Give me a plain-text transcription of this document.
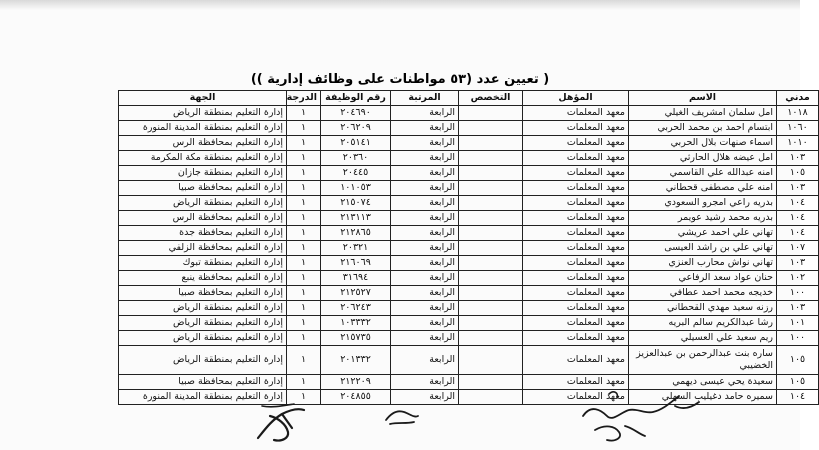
( تعيين عدد (٥٣ مواطنات على وظائف إدارية ))
مدني	الاسم	المؤهل	التخصص	المرتبة	رقم الوظيفة	الدرجة	الجهة
١٠١٨	امل سلمان امشريف الغيلي	معهد المعلمات		الرابعة	٢٠٤٦٩٠	١	إدارة التعليم بمنطقة الرياض
١٠٦٠	ابتسام احمد بن محمد الحربي	معهد المعلمات		الرابعة	٢٠٦٢٠٩	١	إدارة التعليم بمنطقة المدينة المنورة
١٠١٠	اسماء صنهات بلال الحربي	معهد المعلمات		الرابعة	٢٠٥١٤١	١	إدارة التعليم بمحافظة الرس
١٠٣	امل عيضه هلال الحارثي	معهد المعلمات		الرابعة	٢٠٣٦٠	١	إدارة التعليم بمنطقة مكة المكرمة
١٠٥	امنه عبدالله علي القاسمي	معهد المعلمات		الرابعة	٢٠٤٤٥	١	إدارة التعليم بمنطقة جازان
١٠٣	امنه علي مصطفى قحطاني	معهد المعلمات		الرابعة	١٠١٠٥٣	١	إدارة التعليم بمحافظة صبيا
١٠٤	بدريه راعي امجرو السعودي	معهد المعلمات		الرابعة	٢١٥٠٧٤	١	إدارة التعليم بمنطقة الرياض
١٠٤	بدريه محمد رشيد عويمر	معهد المعلمات		الرابعة	٢١٣١١٣	١	إدارة التعليم بمحافظة الرس
١٠٤	تهاني علي احمد عريشي	معهد المعلمات		الرابعة	٢١٢٨٦٥	١	إدارة التعليم بمحافظة جدة
١٠٧	تهاني علي بن راشد العيسى	معهد المعلمات		الرابعة	٢٠٣٢١	١	إدارة التعليم بمحافظة الزلفي
١٠٣	تهاني نواش محارب العنزي	معهد المعلمات		الرابعة	٢١٦٠٦٩	١	إدارة التعليم بمنطقة تبوك
١٠٢	حنان عواد سعد الرفاعي	معهد المعلمات		الرابعة	٣١٦٩٤	١	إدارة التعليم بمحافظة ينبع
١٠٠	خديجه محمد احمد عطافي	معهد المعلمات		الرابعة	٢١٢٥٢٧	١	إدارة التعليم بمحافظة صبيا
١٠٣	رزنه سعيد مهدي القحطاني	معهد المعلمات		الرابعة	٢٠٦٢٤٣	١	إدارة التعليم بمنطقة الرياض
١٠١	رشا عبدالكريم سالم البريه	معهد المعلمات		الرابعة	١٠٣٣٣٢	١	إدارة التعليم بمنطقة الرياض
١٠٠	ريم سعيد علي العسيلي	معهد المعلمات		الرابعة	٢١٥٧٣٥	١	إدارة التعليم بمنطقة الرياض
١٠٥	ساره بنت عبدالرحمن بن عبدالعزيز الخضيبي	معهد المعلمات		الرابعة	٢٠١٣٣٢	١	إدارة التعليم بمنطقة الرياض
١٠٥	سعيدة يحي عيسى ديهمي	معهد المعلمات		الرابعة	٢١٢٢٠٩	١	إدارة التعليم بمحافظة صبيا
١٠٤	سميره حامد دغيليب السهلي	معهد المعلمات		الرابعة	٢٠٤٨٥٥	١	إدارة التعليم بمنطقة المدينة المنورة
